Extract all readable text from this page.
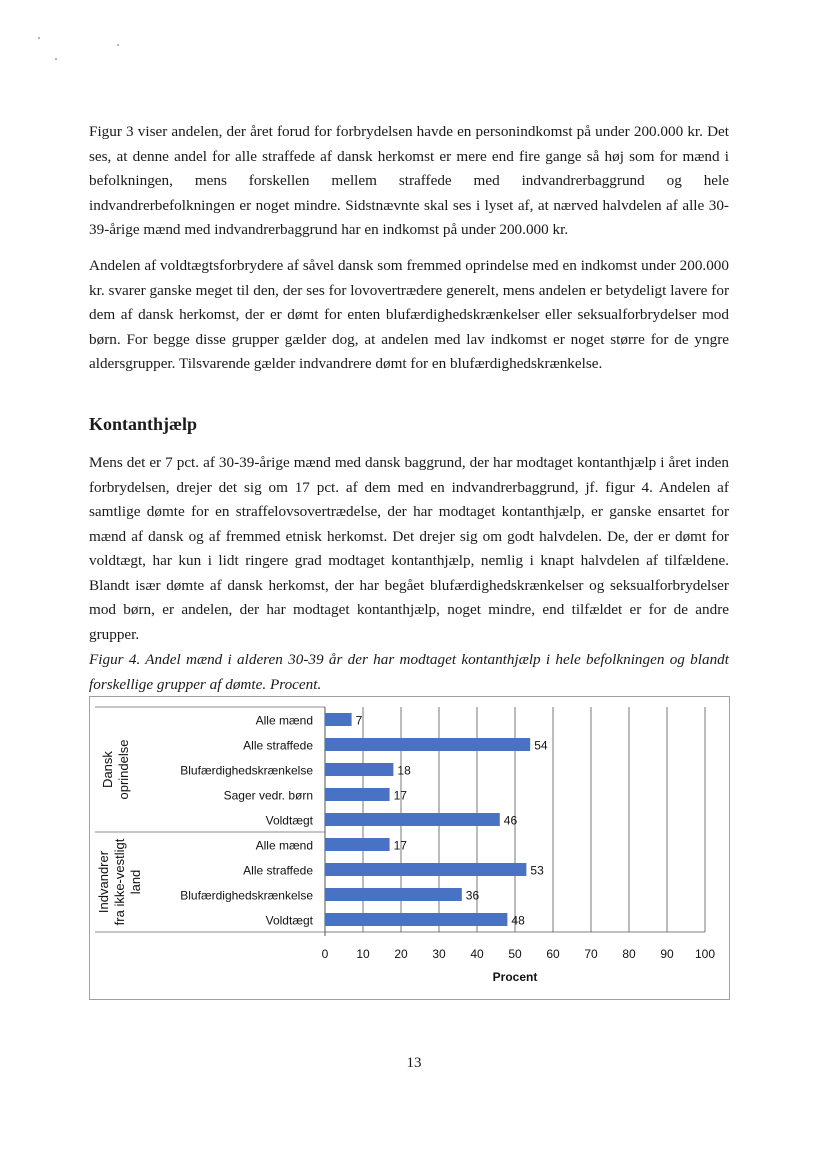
Figur 3 viser andelen, der året forud for forbrydelsen havde en personindkomst på under 200.000 kr. Det ses, at denne andel for alle straffede af dansk herkomst er mere end fire gange så høj som for mænd i befolkningen, mens forskellen mellem straffede med indvandrerbaggrund og hele indvandrerbefolkningen er noget mindre. Sidstnævnte skal ses i lyset af, at nærved halvdelen af alle 30-39-årige mænd med indvandrerbaggrund har en indkomst på under 200.000 kr.

Andelen af voldtægtsforbrydere af såvel dansk som fremmed oprindelse med en indkomst under 200.000 kr. svarer ganske meget til den, der ses for lovovertrædere generelt, mens andelen er betydeligt lavere for dem af dansk herkomst, der er dømt for enten blufærdighedskrænkelser eller seksualforbrydelser mod børn. For begge disse grupper gælder dog, at andelen med lav indkomst er noget større for de yngre aldersgrupper. Tilsvarende gælder indvandrere dømt for en blufærdighedskrænkelse.

Kontanthjælp

Mens det er 7 pct. af 30-39-årige mænd med dansk baggrund, der har modtaget kontanthjælp i året inden forbrydelsen, drejer det sig om 17 pct. af dem med en indvandrerbaggrund, jf. figur 4. Andelen af samtlige dømte for en straffelovsovertrædelse, der har modtaget kontanthjælp, er ganske ensartet for mænd af dansk og af fremmed etnisk herkomst. Det drejer sig om godt halvdelen. De, der er dømt for voldtægt, har kun i lidt ringere grad modtaget kontanthjælp, nemlig i knapt halvdelen af tilfældene. Blandt især dømte af dansk herkomst, der har begået blufærdighedskrænkelser og seksualforbrydelser mod børn, er andelen, der har modtaget kontanthjælp, noget mindre, end tilfældet er for de andre grupper.

Figur 4. Andel mænd i alderen 30-39 år der har modtaget kontanthjælp i hele befolkningen og blandt forskellige grupper af dømte. Procent.

7
Alle mænd
54
Alle straffede
18
Blufærdighedskrænkelse
17
Sager vedr. børn
46
Voldtægt
17
Alle mænd
53
Alle straffede
36
Blufærdighedskrænkelse
48
Voldtægt
Dansk oprindelse
Indvandrer fra ikke-vestligt land
0 10 20 30 40 50 60 70 80 90 100
Procent

13
